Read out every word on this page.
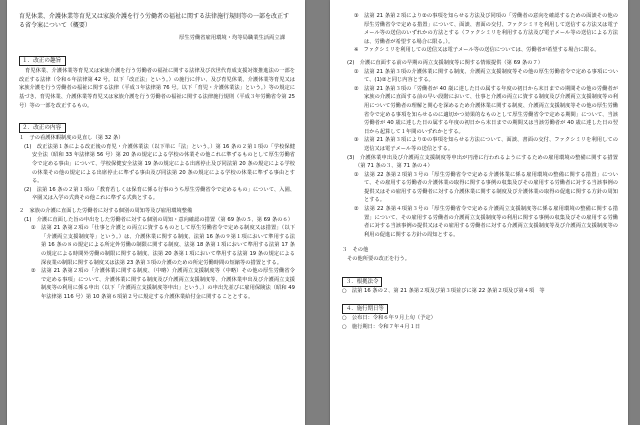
育児休業、介護休業等育児又は家族介護を行う労働者の福祉に関する法律施行規則等の一部を改正する省令案について（概要）

厚生労働省雇用環境・均等局職業生活両立課

１．改正の趣旨

育児休業、介護休業等育児又は家族介護を行う労働者の福祉に関する法律及び次世代育成支援対策推進法の一部を改正する法律（令和６年法律第 42 号。以下「改正法」という。）の施行に伴い、及び育児休業、介護休業等育児又は家族介護を行う労働者の福祉に関する法律（平成３年法律第 76 号。以下「育児・介護休業法」という。）等の規定に基づき、育児休業、介護休業等育児又は家族介護を行う労働者の福祉に関する法律施行規則（平成３年労働省令第 25 号）等の一部を改正するもの。

２．改正の内容

１　子の看護休暇制度の見直し（第 32 条）

(1)　改正法第１条による改正後の育児・介護休業法（以下単に「法」という。）第 16 条の２第１項の「学校保健安全法（昭和 33 年法律第 56 号）第 20 条の規定による学校の休業その他これに準ずるものとして厚生労働省令で定める事由」について、学校保健安全法第 19 条の規定による出席停止及び同法第 20 条の規定による学校の休業その他の規定による出席停止に準ずる事由及び同法第 20 条の規定による学校の休業に準ずる事由とする。

(2)　法第 16 条の２第１項の「教育若しくは保育に係る行事のうち厚生労働省令で定めるもの」について、入園、卒園又は入学の式典その他これに準ずる式典とする。

２　家族の介護に直面した労働者に対する個別の周知等及び雇用環境整備

(1)　介護に直面した旨の申出をした労働者に対する個別の周知・意向確認の措置（第 69 条の５、第 69 条の６）

①　法第 21 条第２項の「仕事と介護との両立に資するものとして厚生労働省令で定める制度又は措置」（以下「介護両立支援制度等」という。）は、介護休業に関する制度、法第 16 条の９第１項において準用する法第 16 条の８の規定による所定外労働の制限に関する制度、法第 18 条第１項において準用する法第 17 条の規定による時間外労働の制限に関する制度、法第 20 条第１項において準用する法第 19 条の規定による深夜業の制限に関する制度又は法第 23 条第３項の介護のための所定労働時間の短縮等の措置とする。

②　法第 21 条第２項の「介護休業に関する制度、（中略）介護両立支援制度等（中略）その他の厚生労働省令で定める事項」について、介護休業に関する制度及び介護両立支援制度等、介護休業申出及び介護両立支援制度等の利用に係る申出（以下「介護両立支援制度等申出」という。）の申出先並びに雇用保険法（昭和 49 年法律第 116 号）第 10 条第６項第２号に規定する介護休業給付金に関することとする。

③　法第 21 条第２項により②の事項を知らせる方法及び同項の「労働者の意向を確認するための面談その他の厚生労働省令で定める措置」について、面談、書面の交付、ファクシミリを利用して送信する方法又は電子メール等の送信のいずれかの方法とする（ファクシミリを利用する方法及び電子メール等の送信による方法は、労働者が希望する場合に限る。）。

※　ファクシミリを利用しての送信又は電子メール等の送信については、労働者が希望する場合に限る。

(2)　介護に直面する前の早期の両立支援制度等に関する情報提供（第 69 条の７）

①　法第 21 条第３項の介護休業に関する制度、介護両立支援制度等その他の厚生労働省令で定める事項について、(1)②と同じ内容とする。

②　法第 21 条第３項の「労働者が 40 歳に達した日の属する年度の初日から末日までの期間その他の労働者が家族の介護に直面する前の早い段階において、仕事と介護の両立に資する制度及び介護両立支援制度等の利用について労働者の理解と関心を深めるため介護休業に関する制度、介護両立支援制度等その他の厚生労働省令で定める事項を知らせるのに適切かつ効果的なものとして厚生労働省令で定める期間」について、当該労働者が 40 歳に達した日の属する年度の初日から末日までの期間又は当該労働者が 40 歳に達した日の翌日から起算して１年間のいずれかとする。

③　法第 21 条第３項により①の事項を知らせる方法について、面談、書面の交付、ファクシミリを利用しての送信又は電子メール等の送信とする。

(3)　介護休業申出及び介護両立支援制度等申出が円滑に行われるようにするための雇用環境の整備に関する措置（第 71 条の３、第 71 条の４）

①　法第 22 条第２項第３号の「厚生労働省令で定める介護休業に係る雇用環境の整備に関する措置」について、その雇用する労働者の介護休業の取得に関する事例の収集及びその雇用する労働者に対する当該事例の提供又はその雇用する労働者に対する介護休業に関する制度及び介護休業の取得の促進に関する方針の周知とする。

②　法第 22 条第４項第３号の「厚生労働省令で定める介護両立支援制度等に係る雇用環境の整備に関する措置」について、その雇用する労働者の介護両立支援制度等の利用に関する事例の収集及びその雇用する労働者に対する当該事例の提供又はその雇用する労働者に対する介護両立支援制度等及び介護両立支援制度等の利用の促進に関する方針の周知とする。

３　その他

その他所要の改正を行う。

３．根拠法令

○　法第 16 条の２、第 21 条第２項及び第３項並びに第 22 条第２項及び第４項　等

４．施行期日等

○　公布日：令和６年９月上旬（予定）

○　施行期日：令和７年４月１日
